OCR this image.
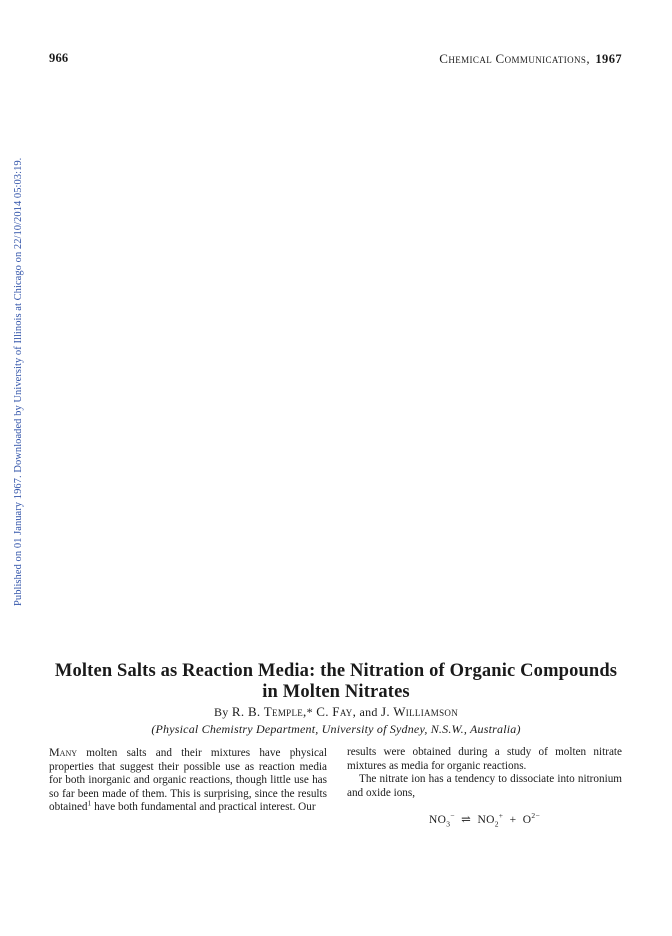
966	Chemical Communications, 1967
Published on 01 January 1967. Downloaded by University of Illinois at Chicago on 22/10/2014 05:03:19.
Molten Salts as Reaction Media: the Nitration of Organic Compounds
in Molten Nitrates
By R. B. Temple,* C. Fay, and J. Williamson
(Physical Chemistry Department, University of Sydney, N.S.W., Australia)

Many molten salts and their mixtures have physical properties that suggest their possible use as reaction media for both inorganic and organic reactions, though little use has so far been made of them. This is surprising, since the results obtained$^1$ have both fundamental and practical interest. Our

results were obtained during a study of molten nitrate mixtures as media for organic reactions.

The nitrate ion has a tendency to dissociate into nitronium and oxide ions,

$NO_3^-$ ⇌ $NO_2^+ + O^{2-}$
